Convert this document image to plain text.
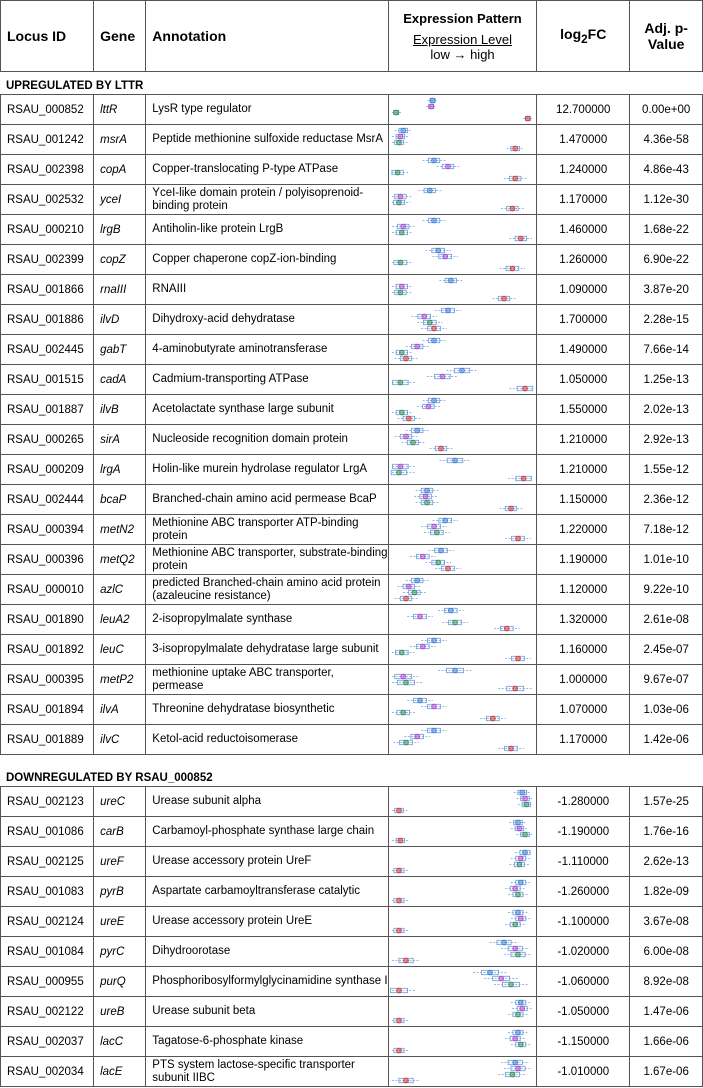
Locus ID	Gene	Annotation	
Expression Pattern
Expression Level
low → high
	$\log_2FC$	Adj. p-Value
UPREGULATED BY LTTR
RSAU_000852	lttR	LysR type regulator		12.700000	0.00e+00
RSAU_001242	msrA	Peptide methionine sulfoxide reductase MsrA		1.470000	4.36e-58
RSAU_002398	copA	Copper-translocating P-type ATPase		1.240000	4.86e-43
RSAU_002532	yceI	YceI-like domain protein / polyisoprenoid-binding protein		1.170000	1.12e-30
RSAU_000210	lrgB	Antiholin-like protein LrgB		1.460000	1.68e-22
RSAU_002399	copZ	Copper chaperone copZ-ion-binding		1.260000	6.90e-22
RSAU_001866	rnaIII	RNAIII		1.090000	3.87e-20
RSAU_001886	ilvD	Dihydroxy-acid dehydratase		1.700000	2.28e-15
RSAU_002445	gabT	4-aminobutyrate aminotransferase		1.490000	7.66e-14
RSAU_001515	cadA	Cadmium-transporting ATPase		1.050000	1.25e-13
RSAU_001887	ilvB	Acetolactate synthase large subunit		1.550000	2.02e-13
RSAU_000265	sirA	Nucleoside recognition domain protein		1.210000	2.92e-13
RSAU_000209	lrgA	Holin-like murein hydrolase regulator LrgA		1.210000	1.55e-12
RSAU_002444	bcaP	Branched-chain amino acid permease BcaP		1.150000	2.36e-12
RSAU_000394	metN2	Methionine ABC transporter ATP-binding protein		1.220000	7.18e-12
RSAU_000396	metQ2	Methionine ABC transporter, substrate-binding protein		1.190000	1.01e-10
RSAU_000010	azlC	predicted Branched-chain amino acid protein (azaleucine resistance)		1.120000	9.22e-10
RSAU_001890	leuA2	2-isopropylmalate synthase		1.320000	2.61e-08
RSAU_001892	leuC	3-isopropylmalate dehydratase large subunit		1.160000	2.45e-07
RSAU_000395	metP2	methionine uptake ABC transporter, permease		1.000000	9.67e-07
RSAU_001894	ilvA	Threonine dehydratase biosynthetic		1.070000	1.03e-06
RSAU_001889	ilvC	Ketol-acid reductoisomerase		1.170000	1.42e-06
DOWNREGULATED BY RSAU_000852
RSAU_002123	ureC	Urease subunit alpha		-1.280000	1.57e-25
RSAU_001086	carB	Carbamoyl-phosphate synthase large chain		-1.190000	1.76e-16
RSAU_002125	ureF	Urease accessory protein UreF		-1.110000	2.62e-13
RSAU_001083	pyrB	Aspartate carbamoyltransferase catalytic		-1.260000	1.82e-09
RSAU_002124	ureE	Urease accessory protein UreE		-1.100000	3.67e-08
RSAU_001084	pyrC	Dihydroorotase		-1.020000	6.00e-08
RSAU_000955	purQ	Phosphoribosylformylglycinamidine synthase I		-1.060000	8.92e-08
RSAU_002122	ureB	Urease subunit beta		-1.050000	1.47e-06
RSAU_002037	lacC	Tagatose-6-phosphate kinase		-1.150000	1.66e-06
RSAU_002034	lacE	PTS system lactose-specific transporter subunit IIBC		-1.010000	1.67e-06
